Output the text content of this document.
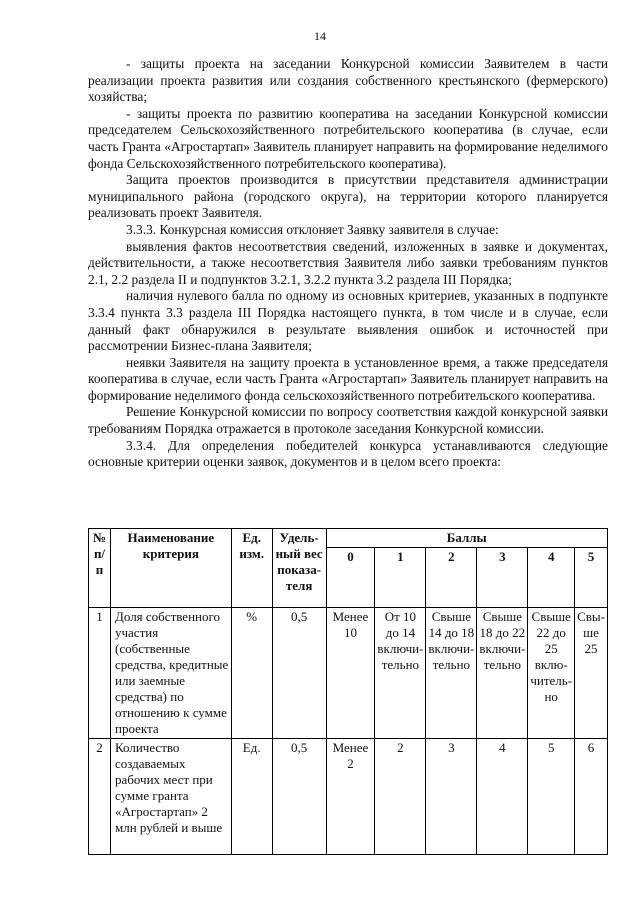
14

- защиты проекта на заседании Конкурсной комиссии Заявителем в части реализации проекта развития или создания собственного крестьянского (фермерского) хозяйства;

- защиты проекта по развитию кооператива на заседании Конкурсной комиссии председателем Сельскохозяйственного потребительского кооператива (в случае, если часть Гранта «Агростартап» Заявитель планирует направить на формирование неделимого фонда Сельскохозяйственного потребительского кооператива).

Защита проектов производится в присутствии представителя администрации муниципального района (городского округа), на территории которого планируется реализовать проект Заявителя.

3.3.3. Конкурсная комиссия отклоняет Заявку заявителя в случае:

выявления фактов несоответствия сведений, изложенных в заявке и документах, действительности, а также несоответствия Заявителя либо заявки требованиям пунктов 2.1, 2.2 раздела II и подпунктов 3.2.1, 3.2.2 пункта 3.2 раздела III Порядка;

наличия нулевого балла по одному из основных критериев, указанных в подпункте 3.3.4 пункта 3.3 раздела III Порядка настоящего пункта, в том числе и в случае, если данный факт обнаружился в результате выявления ошибок и источностей при рассмотрении Бизнес-плана Заявителя;

неявки Заявителя на защиту проекта в установленное время, а также председателя кооператива в случае, если часть Гранта «Агростартап» Заявитель планирует направить на формирование неделимого фонда сельскохозяйственного потребительского кооператива.

Решение Конкурсной комиссии по вопросу соответствия каждой конкурсной заявки требованиям Порядка отражается в протоколе заседания Конкурсной комиссии.

3.3.4. Для определения победителей конкурса устанавливаются следующие основные критерии оценки заявок, документов и в целом всего проекта:

№ п/п	Наименование критерия	Ед. изм.	Удель-ный вес показа-теля	Баллы					
				0	1	2	3	4	5
1	Доля собственного участия (собственные средства, кредитные или заемные средства) по отношению к сумме проекта	%	0,5	Менее 10	От 10 до 14 включи-тельно	Свыше 14 до 18 включи-тельно	Свыше 18 до 22 включи-тельно	Свыше 22 до 25 вклю-читель-но	Свы-ше 25
2	Количество создаваемых рабочих мест при сумме гранта «Агростартап» 2 млн рублей и выше	Ед.	0,5	Менее 2	2	3	4	5	6
